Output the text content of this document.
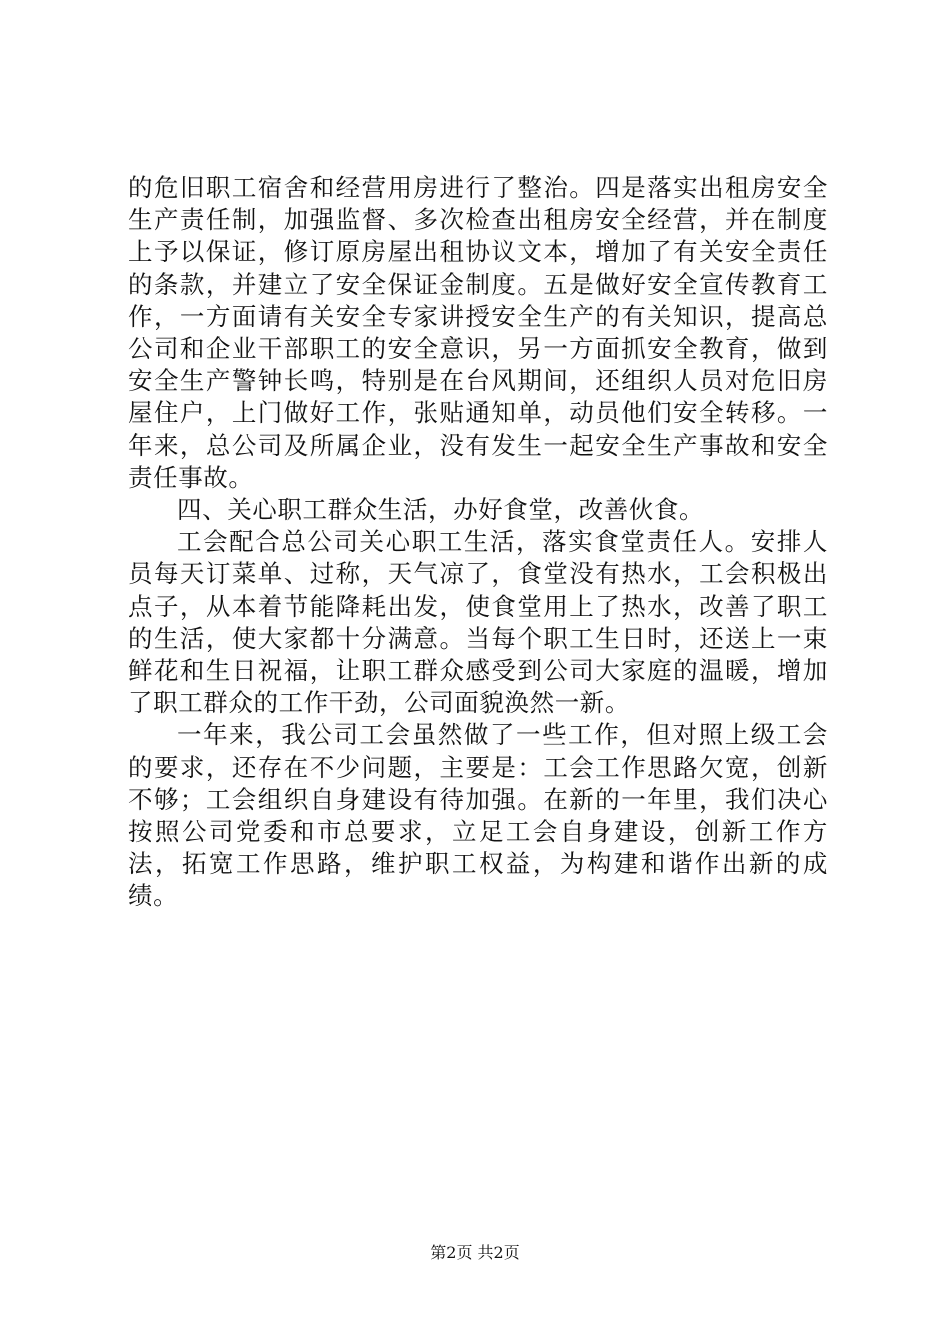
的危旧职工宿舍和经营用房进行了整治。四是落实出租房安全生产责任制，加强监督、多次检查出租房安全经营，并在制度上予以保证，修订原房屋出租协议文本，增加了有关安全责任的条款，并建立了安全保证金制度。五是做好安全宣传教育工作，一方面请有关安全专家讲授安全生产的有关知识，提高总公司和企业干部职工的安全意识，另一方面抓安全教育，做到安全生产警钟长鸣，特别是在台风期间，还组织人员对危旧房屋住户，上门做好工作，张贴通知单，动员他们安全转移。一年来，总公司及所属企业，没有发生一起安全生产事故和安全责任事故。

四、关心职工群众生活，办好食堂，改善伙食。

工会配合总公司关心职工生活，落实食堂责任人。安排人员每天订菜单、过称，天气凉了，食堂没有热水，工会积极出点子，从本着节能降耗出发，使食堂用上了热水，改善了职工的生活，使大家都十分满意。当每个职工生日时，还送上一束鲜花和生日祝福，让职工群众感受到公司大家庭的温暖，增加了职工群众的工作干劲，公司面貌涣然一新。

一年来，我公司工会虽然做了一些工作，但对照上级工会的要求，还存在不少问题，主要是：工会工作思路欠宽，创新不够；工会组织自身建设有待加强。在新的一年里，我们决心按照公司党委和市总要求，立足工会自身建设，创新工作方法，拓宽工作思路，维护职工权益，为构建和谐作出新的成绩。

第2页 共2页
